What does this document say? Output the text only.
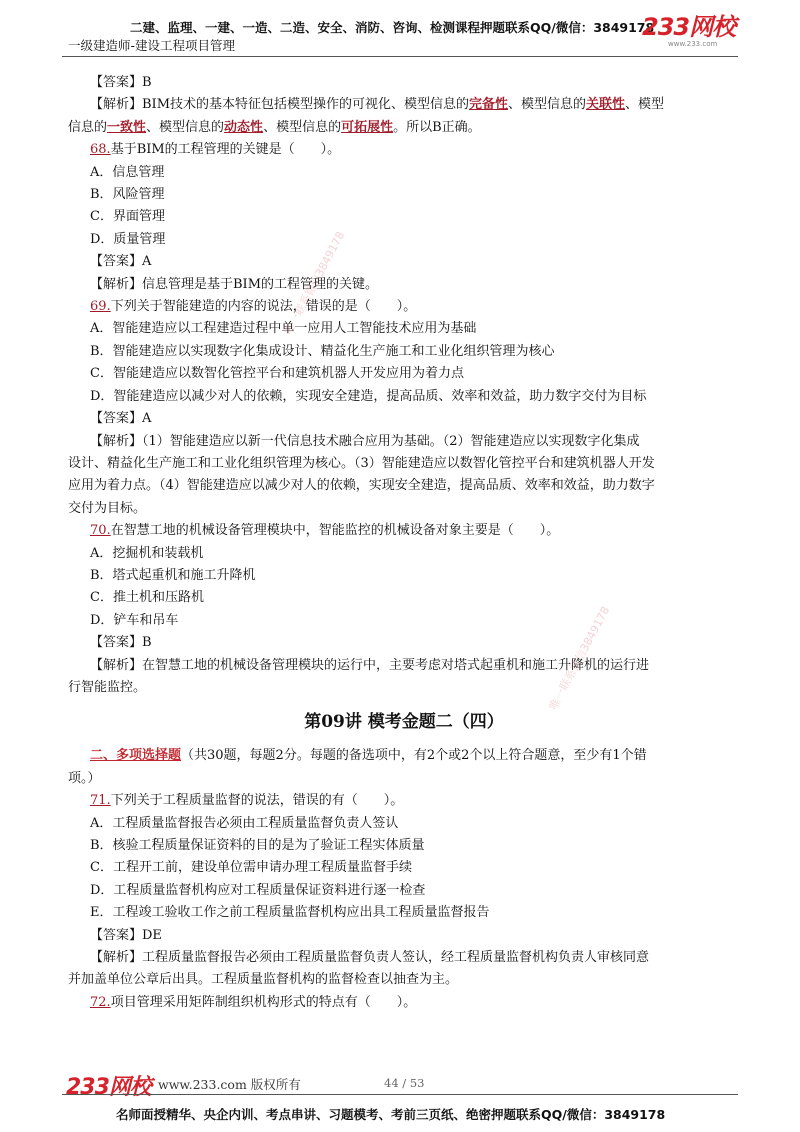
二建、监理、一建、一造、二造、安全、消防、咨询、检测课程押题联系QQ/微信：3849178
一级建造师-建设工程项目管理
233网校
www.233.com
唯一联系微信3849178
唯一联系微信3849178

【答案】B

【解析】BIM技术的基本特征包括模型操作的可视化、模型信息的完备性、模型信息的关联性、模型

信息的一致性、模型信息的动态性、模型信息的可拓展性。所以B正确。

68.基于BIM的工程管理的关键是（　　）。

A．信息管理

B．风险管理

C．界面管理

D．质量管理

【答案】A

【解析】信息管理是基于BIM的工程管理的关键。

69.下列关于智能建造的内容的说法，错误的是（　　）。

A．智能建造应以工程建造过程中单一应用人工智能技术应用为基础

B．智能建造应以实现数字化集成设计、精益化生产施工和工业化组织管理为核心

C．智能建造应以数智化管控平台和建筑机器人开发应用为着力点

D．智能建造应以减少对人的依赖，实现安全建造，提高品质、效率和效益，助力数字交付为目标

【答案】A

【解析】（1）智能建造应以新一代信息技术融合应用为基础。（2）智能建造应以实现数字化集成

设计、精益化生产施工和工业化组织管理为核心。（3）智能建造应以数智化管控平台和建筑机器人开发

应用为着力点。（4）智能建造应以减少对人的依赖，实现安全建造，提高品质、效率和效益，助力数字

交付为目标。

70.在智慧工地的机械设备管理模块中，智能监控的机械设备对象主要是（　　）。

A．挖掘机和装载机

B．塔式起重机和施工升降机

C．推土机和压路机

D．铲车和吊车

【答案】B

【解析】在智慧工地的机械设备管理模块的运行中，主要考虑对塔式起重机和施工升降机的运行进

行智能监控。

第09讲 模考金题二（四）

二、多项选择题（共30题，每题2分。每题的备选项中，有2个或2个以上符合题意，至少有1个错

项。）

71.下列关于工程质量监督的说法，错误的有（　　）。

A．工程质量监督报告必须由工程质量监督负责人签认

B．核验工程质量保证资料的目的是为了验证工程实体质量

C．工程开工前，建设单位需申请办理工程质量监督手续

D．工程质量监督机构应对工程质量保证资料进行逐一检查

E．工程竣工验收工作之前工程质量监督机构应出具工程质量监督报告

【答案】DE

【解析】工程质量监督报告必须由工程质量监督负责人签认，经工程质量监督机构负责人审核同意

并加盖单位公章后出具。工程质量监督机构的监督检查以抽查为主。

72.项目管理采用矩阵制组织机构形式的特点有（　　）。

233网校 www.233.com 版权所有	44 / 53
名师面授精华、央企内训、考点串讲、习题模考、考前三页纸、绝密押题联系QQ/微信：3849178
